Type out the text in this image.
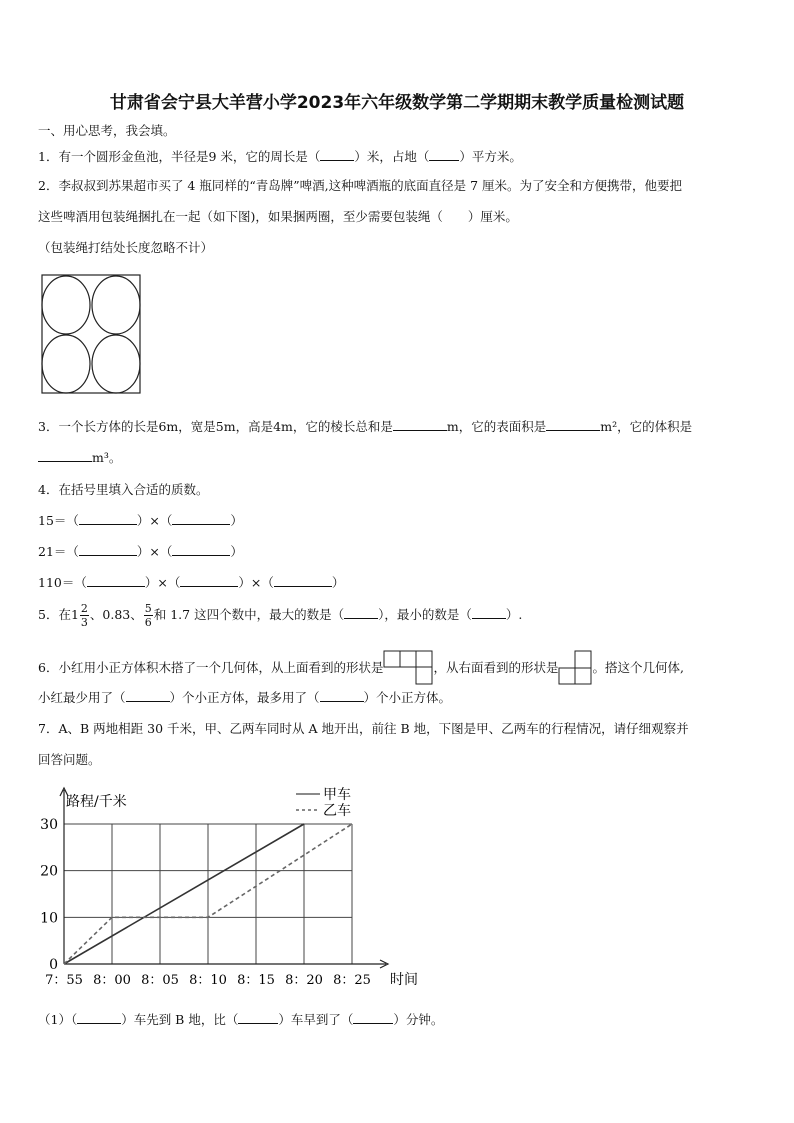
甘肃省会宁县大羊营小学2023年六年级数学第二学期期末教学质量检测试题
一、用心思考，我会填。
1．有一个圆形金鱼池，半径是9 米，它的周长是（	）米，占地（ ）平方米。
2．李叔叔到苏果超市买了 4 瓶同样的“青岛牌”啤酒,这种啤酒瓶的底面直径是 7 厘米。为了安全和方便携带，他要把
这些啤酒用包装绳捆扎在一起（如下图)，如果捆两圈，至少需要包装绳（　　）厘米。
（包装绳打结处长度忽略不计）
3．一个长方体的长是6m，宽是5m，高是4m，它的棱长总和是	m，它的表面积是	m²，它的体积是
m³。
4．在括号里填入合适的质数。
15＝（	）×（	）
21＝（	）×（	）
110＝（	）×（	）×（	）
5．在$1 \frac{2}{3}$ 、0.83、 $\frac{5}{6}$ 和 1.7 这四个数中，最大的数是（	），最小的数是（	）.
6．小红用小正方体积木搭了一个几何体，从上面看到的形状是	，从右面看到的形状是	。搭这个几何体,
小红最少用了（	）个小正方体，最多用了（	）个小正方体。
7．A、B 两地相距 30 千米，甲、乙两车同时从 A 地开出，前往 B 地，下图是甲、乙两车的行程情况，请仔细观察并
回答问题。
路程/千米
时间
0
10
20
30
7：55 8：00 8：05 8：10 8：15 8：20 8：25
甲车
乙车
（1）（	）车先到 B 地，比（	）车早到了（	）分钟。
